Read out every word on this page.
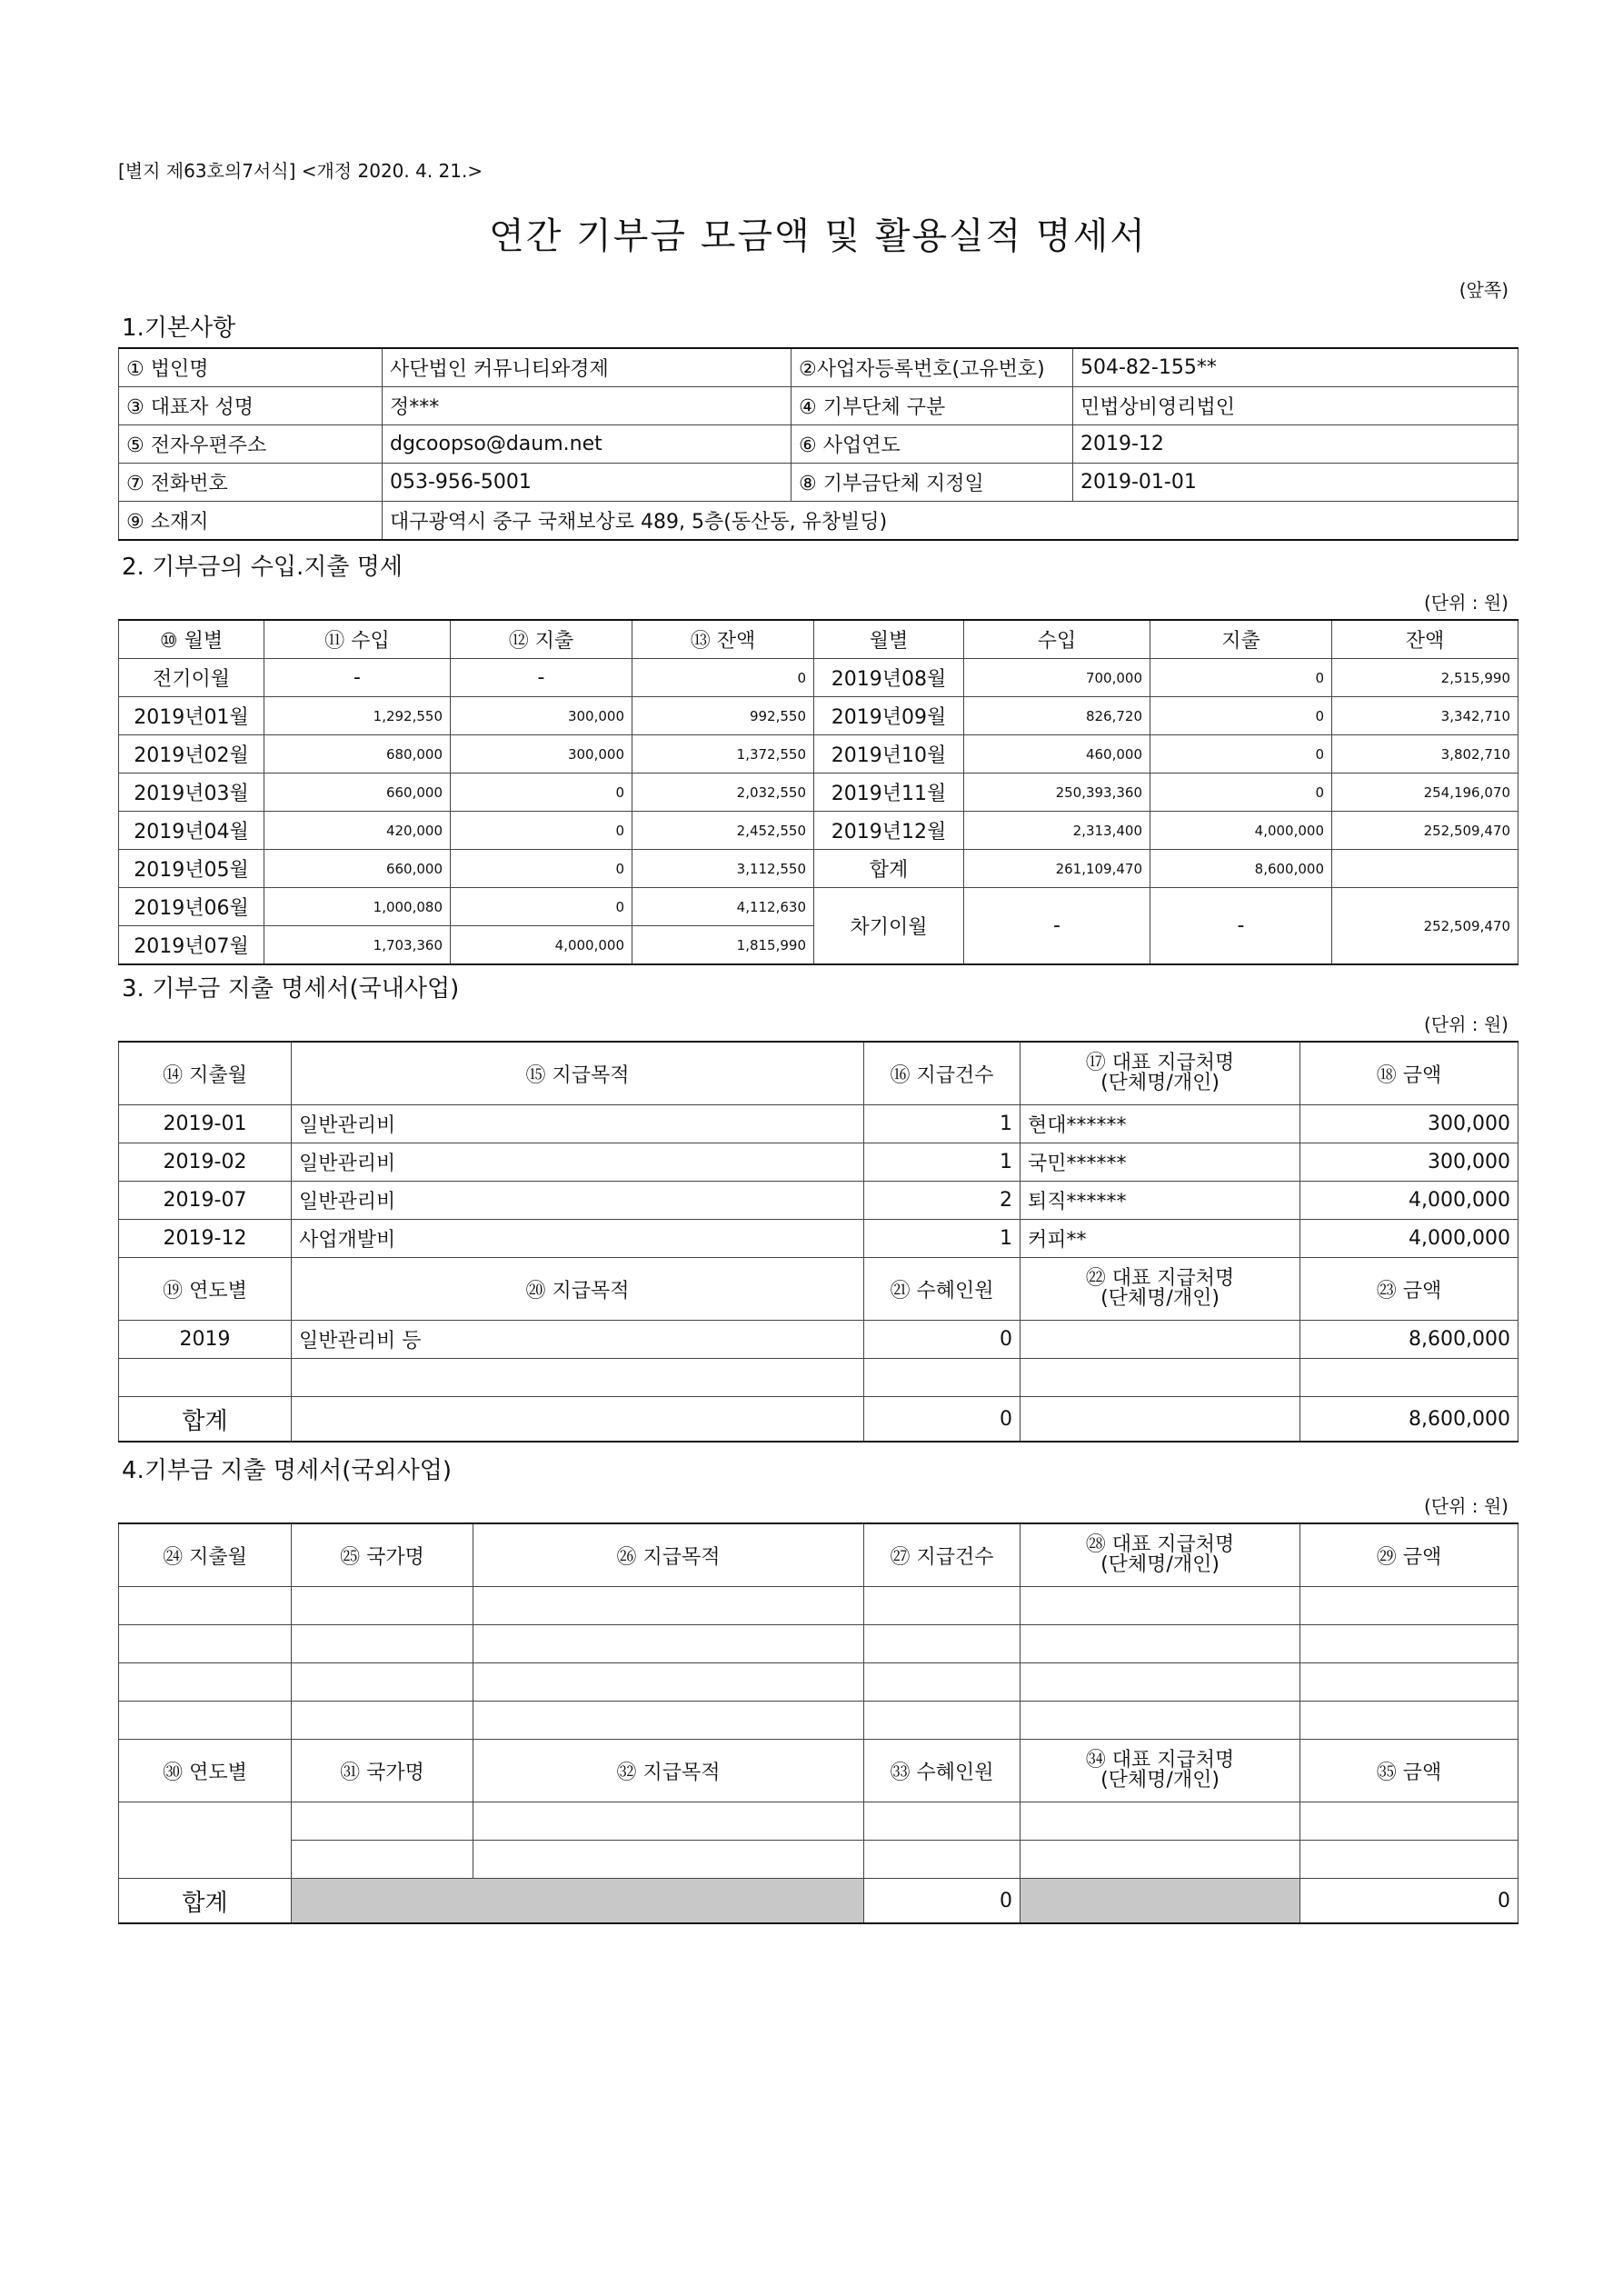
[별지 제63호의7서식] <개정 2020. 4. 21.>
연간 기부금 모금액 및 활용실적 명세서
(앞쪽)
1.기본사항
① 법인명	사단법인 커뮤니티와경제	②사업자등록번호(고유번호)	504-82-155**
③ 대표자 성명	정***	④ 기부단체 구분	민법상비영리법인
⑤ 전자우편주소	dgcoopso@daum.net	⑥ 사업연도	2019-12
⑦ 전화번호	053-956-5001	⑧ 기부금단체 지정일	2019-01-01
⑨ 소재지	대구광역시 중구 국채보상로 489, 5층(동산동, 유창빌딩)		
2. 기부금의 수입.지출 명세
(단위 : 원)
⑩ 월별	⑪ 수입	⑫ 지출	⑬ 잔액	월별	수입	지출	잔액
전기이월	-	-	0	2019년08월	700,000	0	2,515,990
2019년01월	1,292,550	300,000	992,550	2019년09월	826,720	0	3,342,710
2019년02월	680,000	300,000	1,372,550	2019년10월	460,000	0	3,802,710
2019년03월	660,000	0	2,032,550	2019년11월	250,393,360	0	254,196,070
2019년04월	420,000	0	2,452,550	2019년12월	2,313,400	4,000,000	252,509,470
2019년05월	660,000	0	3,112,550	합계	261,109,470	8,600,000	
2019년06월	1,000,080	0	4,112,630	차기이월	-	-	252,509,470
2019년07월	1,703,360	4,000,000	1,815,990				
3. 기부금 지출 명세서(국내사업)
(단위 : 원)
⑭ 지출월	⑮ 지급목적	⑯ 지급건수	⑰ 대표 지급처명
(단체명/개인)	⑱ 금액
2019-01	일반관리비	1	현대******	300,000
2019-02	일반관리비	1	국민******	300,000
2019-07	일반관리비	2	퇴직******	4,000,000
2019-12	사업개발비	1	커피**	4,000,000
⑲ 연도별	⑳ 지급목적	㉑ 수혜인원	㉒ 대표 지급처명
(단체명/개인)	㉓ 금액
2019	일반관리비 등	0		8,600,000

합계		0		8,600,000
4.기부금 지출 명세서(국외사업)
(단위 : 원)
㉔ 지출월	㉕ 국가명	㉖ 지급목적	㉗ 지급건수	㉘ 대표 지급처명
(단체명/개인)	㉙ 금액

㉚ 연도별	㉛ 국가명	㉜ 지급목적	㉝ 수혜인원	㉞ 대표 지급처명
(단체명/개인)	㉟ 금액

합계			0		0
